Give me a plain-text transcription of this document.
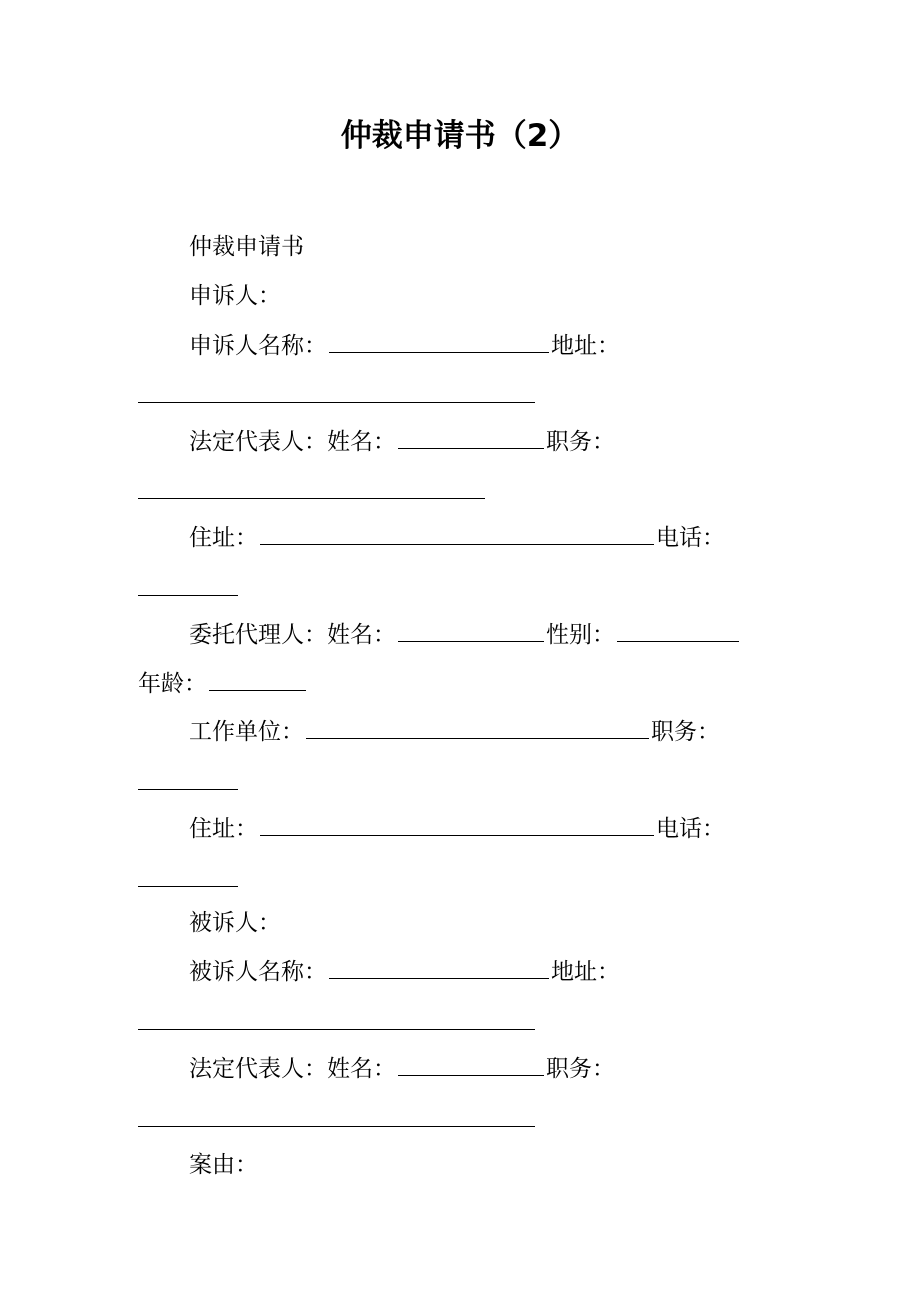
仲裁申请书（2）

仲裁申请书

申诉人：

申诉人名称：	地址：

法定代表人：姓名：	职务：

住址：	电话：

委托代理人：姓名：	性别：

年龄：

工作单位：	职务：

住址：	电话：

被诉人：

被诉人名称：	地址：

法定代表人：姓名：	职务：

案由：
